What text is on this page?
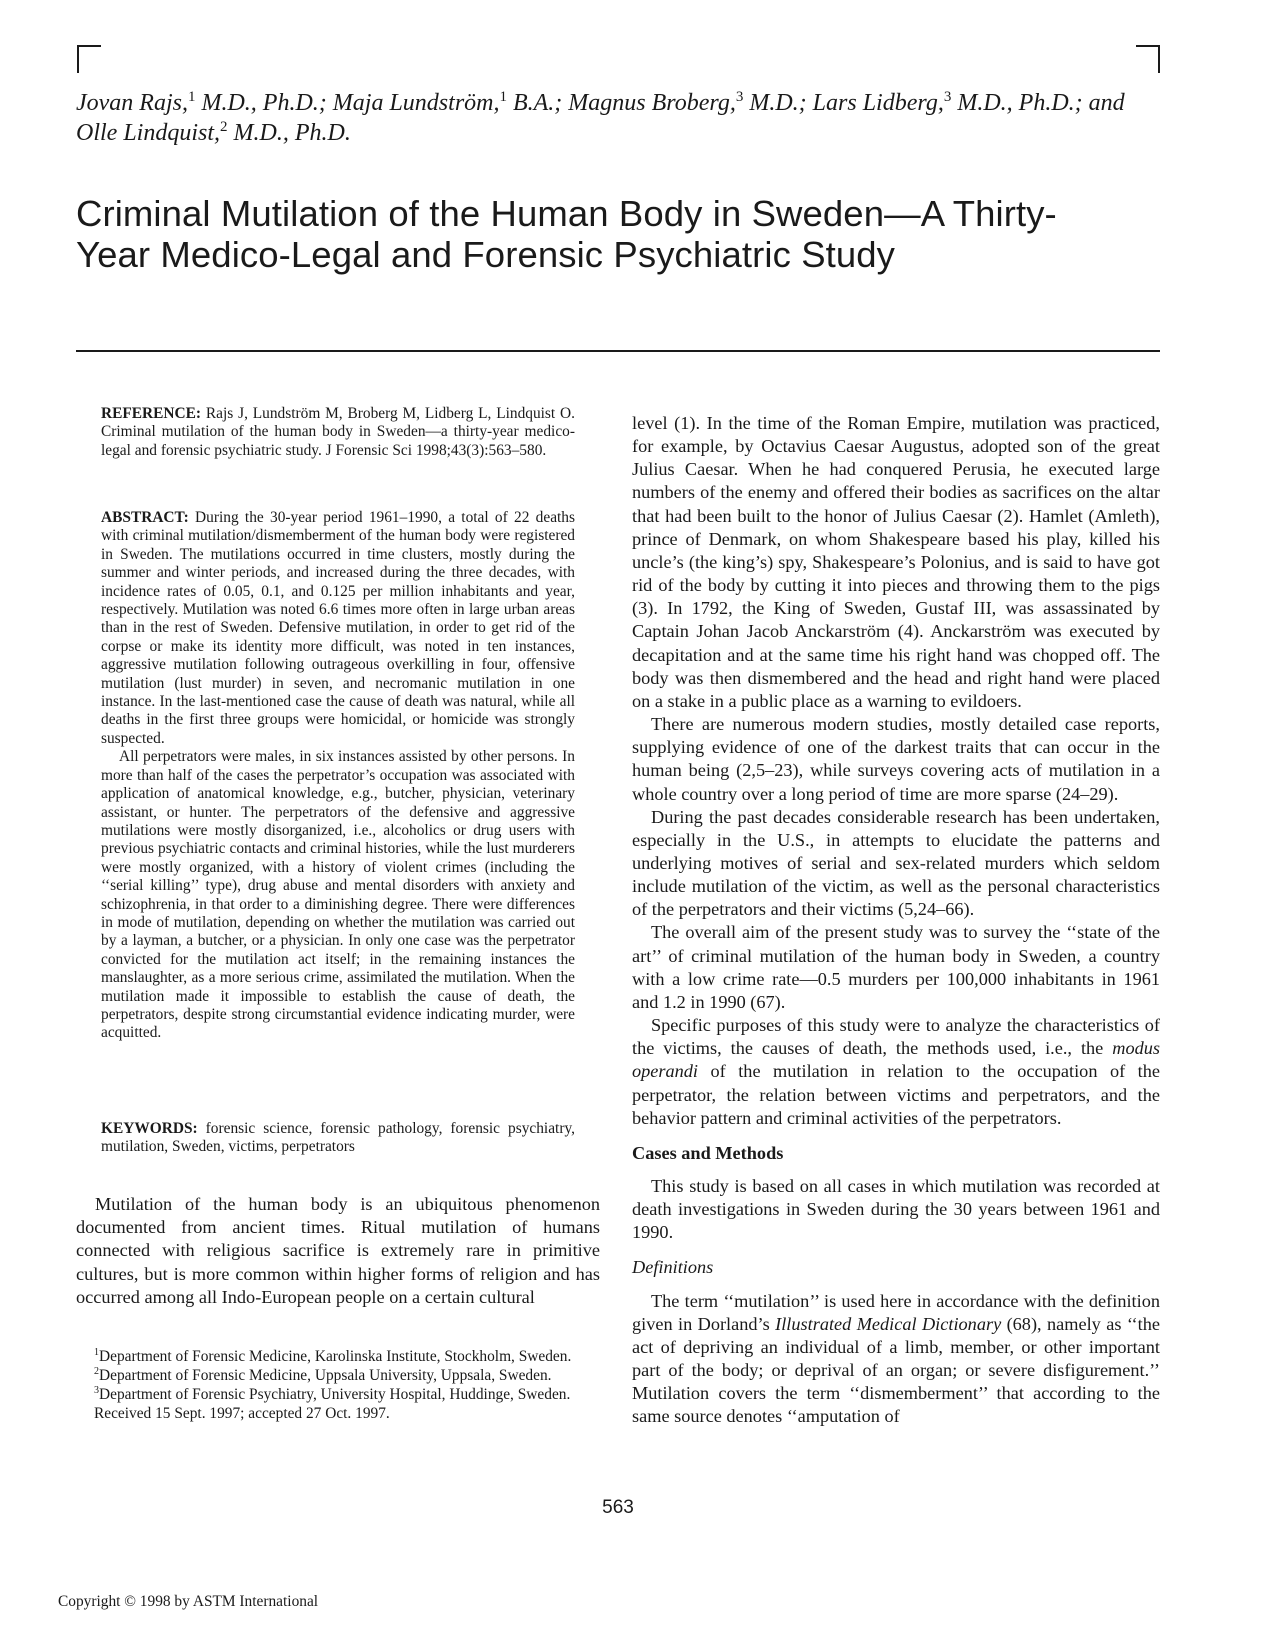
Jovan Rajs,$^1$ M.D., Ph.D.; Maja Lundström,$^1$ B.A.; Magnus Broberg,$^3$ M.D.; Lars Lidberg,$^3$ M.D., Ph.D.; and Olle Lindquist,$^2$ M.D., Ph.D.
Criminal Mutilation of the Human Body in Sweden—A Thirty-
Year Medico-Legal and Forensic Psychiatric Study

REFERENCE: Rajs J, Lundström M, Broberg M, Lidberg L, Lindquist O. Criminal mutilation of the human body in Sweden—a thirty-year medico-legal and forensic psychiatric study. J Forensic Sci 1998;43(3):563–580.

ABSTRACT: During the 30-year period 1961–1990, a total of 22 deaths with criminal mutilation/dismemberment of the human body were registered in Sweden. The mutilations occurred in time clusters, mostly during the summer and winter periods, and increased during the three decades, with incidence rates of 0.05, 0.1, and 0.125 per million inhabitants and year, respectively. Mutilation was noted 6.6 times more often in large urban areas than in the rest of Sweden. Defensive mutilation, in order to get rid of the corpse or make its identity more difficult, was noted in ten instances, aggressive mutilation following outrageous overkilling in four, offensive mutilation (lust murder) in seven, and necromanic mutilation in one instance. In the last-mentioned case the cause of death was natural, while all deaths in the first three groups were homicidal, or homicide was strongly suspected.

All perpetrators were males, in six instances assisted by other persons. In more than half of the cases the perpetrator’s occupation was associated with application of anatomical knowledge, e.g., butcher, physician, veterinary assistant, or hunter. The perpetrators of the defensive and aggressive mutilations were mostly disorganized, i.e., alcoholics or drug users with previous psychiatric contacts and criminal histories, while the lust murderers were mostly organized, with a history of violent crimes (including the ‘‘serial killing’’ type), drug abuse and mental disorders with anxiety and schizophrenia, in that order to a diminishing degree. There were differences in mode of mutilation, depending on whether the mutilation was carried out by a layman, a butcher, or a physician. In only one case was the perpetrator convicted for the mutilation act itself; in the remaining instances the manslaughter, as a more serious crime, assimilated the mutilation. When the mutilation made it impossible to establish the cause of death, the perpetrators, despite strong circumstantial evidence indicating murder, were acquitted.

KEYWORDS: forensic science, forensic pathology, forensic psychiatry, mutilation, Sweden, victims, perpetrators

Mutilation of the human body is an ubiquitous phenomenon documented from ancient times. Ritual mutilation of humans connected with religious sacrifice is extremely rare in primitive cultures, but is more common within higher forms of religion and has occurred among all Indo-European people on a certain cultural

$^1$Department of Forensic Medicine, Karolinska Institute, Stockholm, Sweden.

$^2$Department of Forensic Medicine, Uppsala University, Uppsala, Sweden.

$^3$Department of Forensic Psychiatry, University Hospital, Huddinge, Sweden.

Received 15 Sept. 1997; accepted 27 Oct. 1997.

level (1). In the time of the Roman Empire, mutilation was practiced, for example, by Octavius Caesar Augustus, adopted son of the great Julius Caesar. When he had conquered Perusia, he executed large numbers of the enemy and offered their bodies as sacrifices on the altar that had been built to the honor of Julius Caesar (2). Hamlet (Amleth), prince of Denmark, on whom Shakespeare based his play, killed his uncle’s (the king’s) spy, Shakespeare’s Polonius, and is said to have got rid of the body by cutting it into pieces and throwing them to the pigs (3). In 1792, the King of Sweden, Gustaf III, was assassinated by Captain Johan Jacob Anckarström (4). Anckarström was executed by decapitation and at the same time his right hand was chopped off. The body was then dismembered and the head and right hand were placed on a stake in a public place as a warning to evildoers.

There are numerous modern studies, mostly detailed case reports, supplying evidence of one of the darkest traits that can occur in the human being (2,5–23), while surveys covering acts of mutilation in a whole country over a long period of time are more sparse (24–29).

During the past decades considerable research has been undertaken, especially in the U.S., in attempts to elucidate the patterns and underlying motives of serial and sex-related murders which seldom include mutilation of the victim, as well as the personal characteristics of the perpetrators and their victims (5,24–66).

The overall aim of the present study was to survey the ‘‘state of the art’’ of criminal mutilation of the human body in Sweden, a country with a low crime rate—0.5 murders per 100,000 inhabitants in 1961 and 1.2 in 1990 (67).

Specific purposes of this study were to analyze the characteristics of the victims, the causes of death, the methods used, i.e., the modus operandi of the mutilation in relation to the occupation of the perpetrator, the relation between victims and perpetrators, and the behavior pattern and criminal activities of the perpetrators.

Cases and Methods

This study is based on all cases in which mutilation was recorded at death investigations in Sweden during the 30 years between 1961 and 1990.

Definitions

The term ‘‘mutilation’’ is used here in accordance with the definition given in Dorland’s Illustrated Medical Dictionary (68), namely as ‘‘the act of depriving an individual of a limb, member, or other important part of the body; or deprival of an organ; or severe disfigurement.’’ Mutilation covers the term ‘‘dismemberment’’ that according to the same source denotes ‘‘amputation of

563
Copyright © 1998 by ASTM International
